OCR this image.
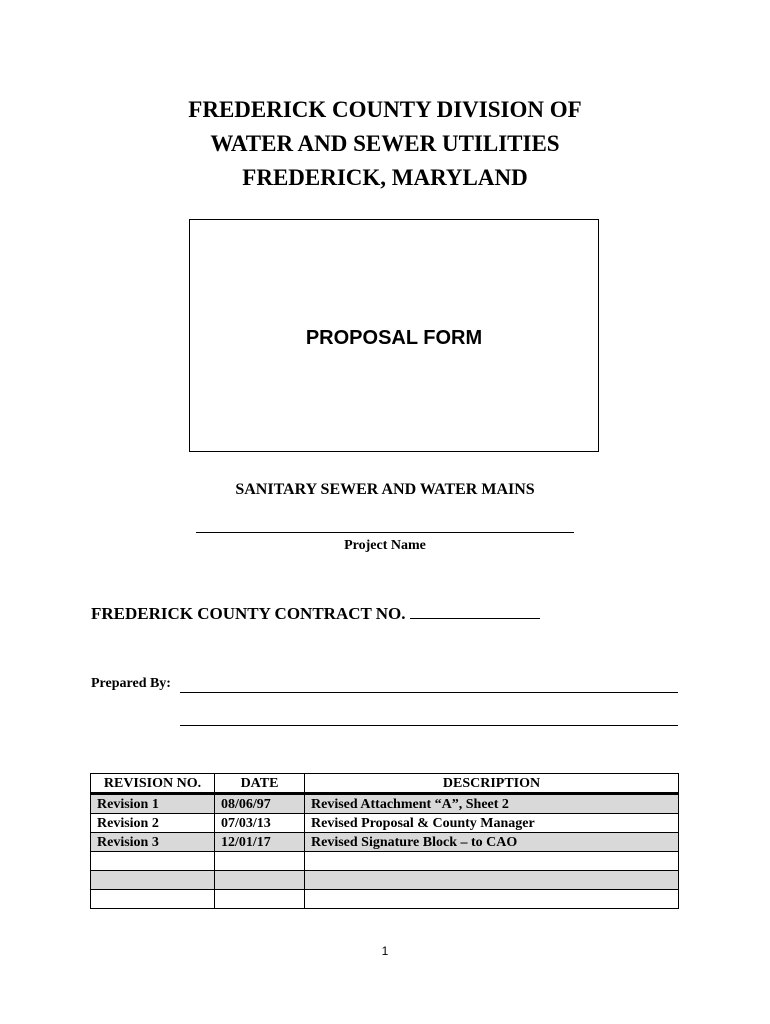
FREDERICK COUNTY DIVISION OF
WATER AND SEWER UTILITIES
FREDERICK, MARYLAND
PROPOSAL FORM
SANITARY SEWER AND WATER MAINS
Project Name
FREDERICK COUNTY CONTRACT NO.
Prepared By:
REVISION NO.	DATE	DESCRIPTION
Revision 1	08/06/97	Revised Attachment “A”, Sheet 2
Revision 2	07/03/13	Revised Proposal & County Manager
Revision 3	12/01/17	Revised Signature Block – to CAO

1
